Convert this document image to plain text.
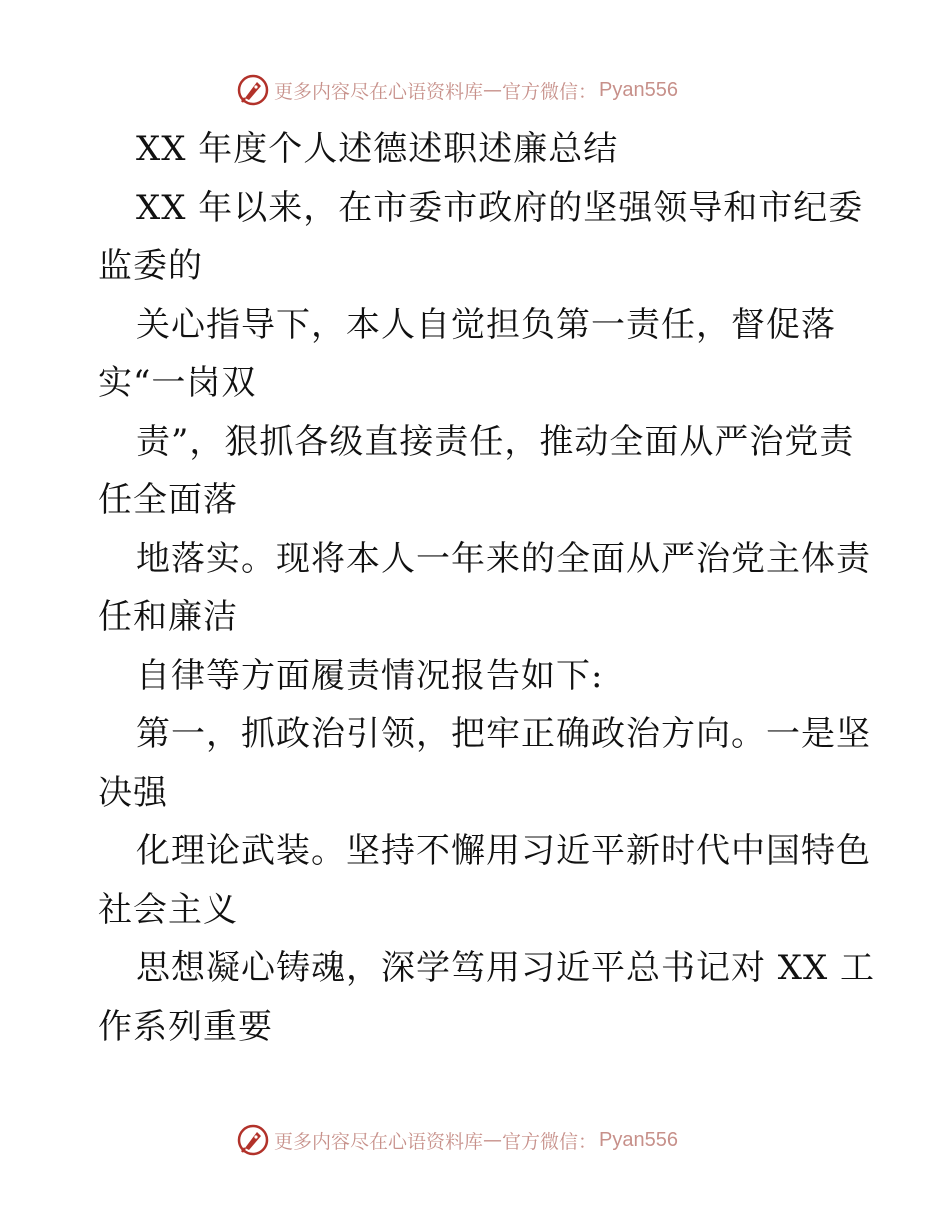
更多内容尽在心语资料库 — 官方微信： Pyan556
XX 年度个人述德述职述廉总结
XX 年以来，在市委市政府的坚强领导和市纪委
监委的
关心指导下，本人自觉担负第一责任，督促落
实“一岗双
责”，狠抓各级直接责任，推动全面从严治党责
任全面落
地落实。现将本人一年来的全面从严治党主体责
任和廉洁
自律等方面履责情况报告如下:
第一，抓政治引领，把牢正确政治方向。一是坚
决强
化理论武装。坚持不懈用习近平新时代中国特色
社会主义
思想凝心铸魂，深学笃用习近平总书记对 XX 工
作系列重要
更多内容尽在心语资料库 — 官方微信： Pyan556
